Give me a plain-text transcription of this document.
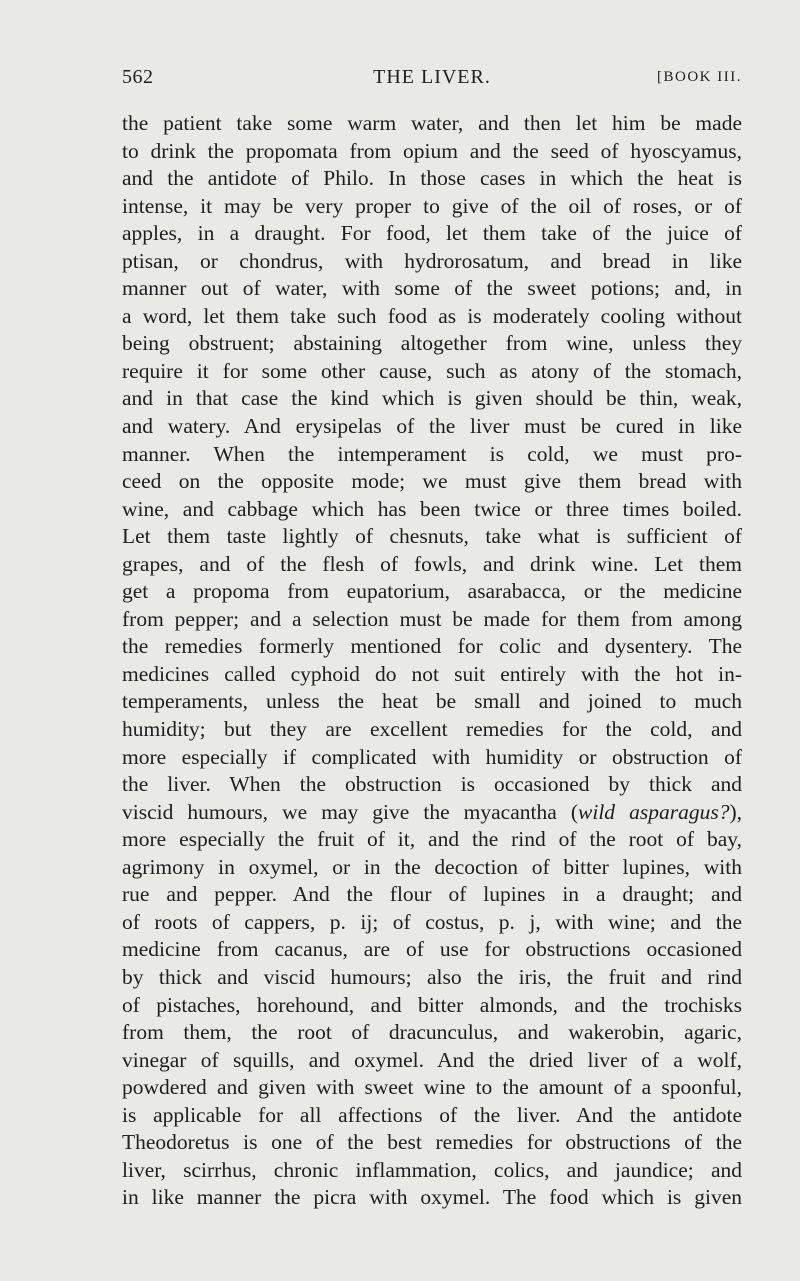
562	THE LIVER.	[BOOK III.
the patient take some warm water, and then let him be made
to drink the propomata from opium and the seed of hyoscyamus,
and the antidote of Philo. In those cases in which the heat is
intense, it may be very proper to give of the oil of roses, or of
apples, in a draught. For food, let them take of the juice of
ptisan, or chondrus, with hydrorosatum, and bread in like
manner out of water, with some of the sweet potions; and, in
a word, let them take such food as is moderately cooling without
being obstruent; abstaining altogether from wine, unless they
require it for some other cause, such as atony of the stomach,
and in that case the kind which is given should be thin, weak,
and watery. And erysipelas of the liver must be cured in like
manner. When the intemperament is cold, we must pro-
ceed on the opposite mode; we must give them bread with
wine, and cabbage which has been twice or three times boiled.
Let them taste lightly of chesnuts, take what is sufficient of
grapes, and of the flesh of fowls, and drink wine. Let them
get a propoma from eupatorium, asarabacca, or the medicine
from pepper; and a selection must be made for them from among
the remedies formerly mentioned for colic and dysentery. The
medicines called cyphoid do not suit entirely with the hot in-
temperaments, unless the heat be small and joined to much
humidity; but they are excellent remedies for the cold, and
more especially if complicated with humidity or obstruction of
the liver. When the obstruction is occasioned by thick and
viscid humours, we may give the myacantha (wild asparagus?),
more especially the fruit of it, and the rind of the root of bay,
agrimony in oxymel, or in the decoction of bitter lupines, with
rue and pepper. And the flour of lupines in a draught; and
of roots of cappers, p. ij; of costus, p. j, with wine; and the
medicine from cacanus, are of use for obstructions occasioned
by thick and viscid humours; also the iris, the fruit and rind
of pistaches, horehound, and bitter almonds, and the trochisks
from them, the root of dracunculus, and wakerobin, agaric,
vinegar of squills, and oxymel. And the dried liver of a wolf,
powdered and given with sweet wine to the amount of a spoonful,
is applicable for all affections of the liver. And the antidote
Theodoretus is one of the best remedies for obstructions of the
liver, scirrhus, chronic inflammation, colics, and jaundice; and
in like manner the picra with oxymel. The food which is given
